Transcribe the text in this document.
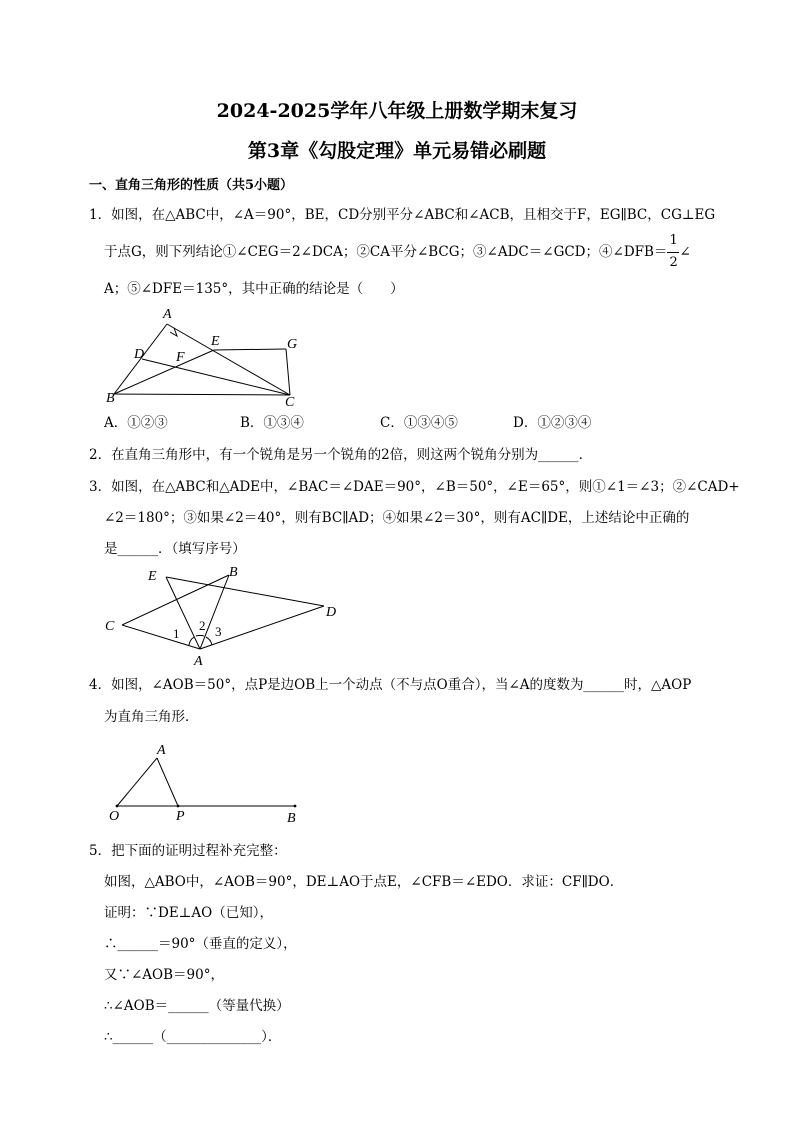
2024-2025学年八年级上册数学期末复习
第3章《勾股定理》单元易错必刷题
一、直角三角形的性质（共5小题）
1．如图，在△ABC中，∠A＝90°，BE，CD分别平分∠ABC和∠ACB，且相交于F，EG∥BC，CG⊥EG
于点G，则下列结论①∠CEG＝2∠DCA；②CA平分∠BCG；③∠ADC＝∠GCD；④∠DFB＝ $\frac{1}{2}$ ∠
A；⑤∠DFE＝135°，其中正确的结论是（　　）
A
D
E
F
G
B	C
A．①②③	B．①③④	C．①③④⑤	D．①②③④
2．在直角三角形中，有一个锐角是另一个锐角的2倍，则这两个锐角分别为______．
3．如图，在△ABC和△ADE中，∠BAC＝∠DAE＝90°，∠B＝50°，∠E＝65°，则①∠1＝∠3；②∠CAD+
∠2＝180°；③如果∠2＝40°，则有BC∥AD；④如果∠2＝30°，则有AC∥DE，上述结论中正确的
是______．（填写序号）
E	B
D
C	1
2 3
A
4．如图，∠AOB＝50°，点P是边OB上一个动点（不与点O重合），当∠A的度数为______时，△AOP
为直角三角形．
A
O	P	B
5．把下面的证明过程补充完整：
如图，△ABO中，∠AOB＝90°，DE⊥AO于点E，∠CFB＝∠EDO．求证：CF∥DO．
证明：∵DE⊥AO（已知），
∴______＝90°（垂直的定义），
又∵∠AOB＝90°，
∴∠AOB＝______（等量代换）
∴______（______________）．
